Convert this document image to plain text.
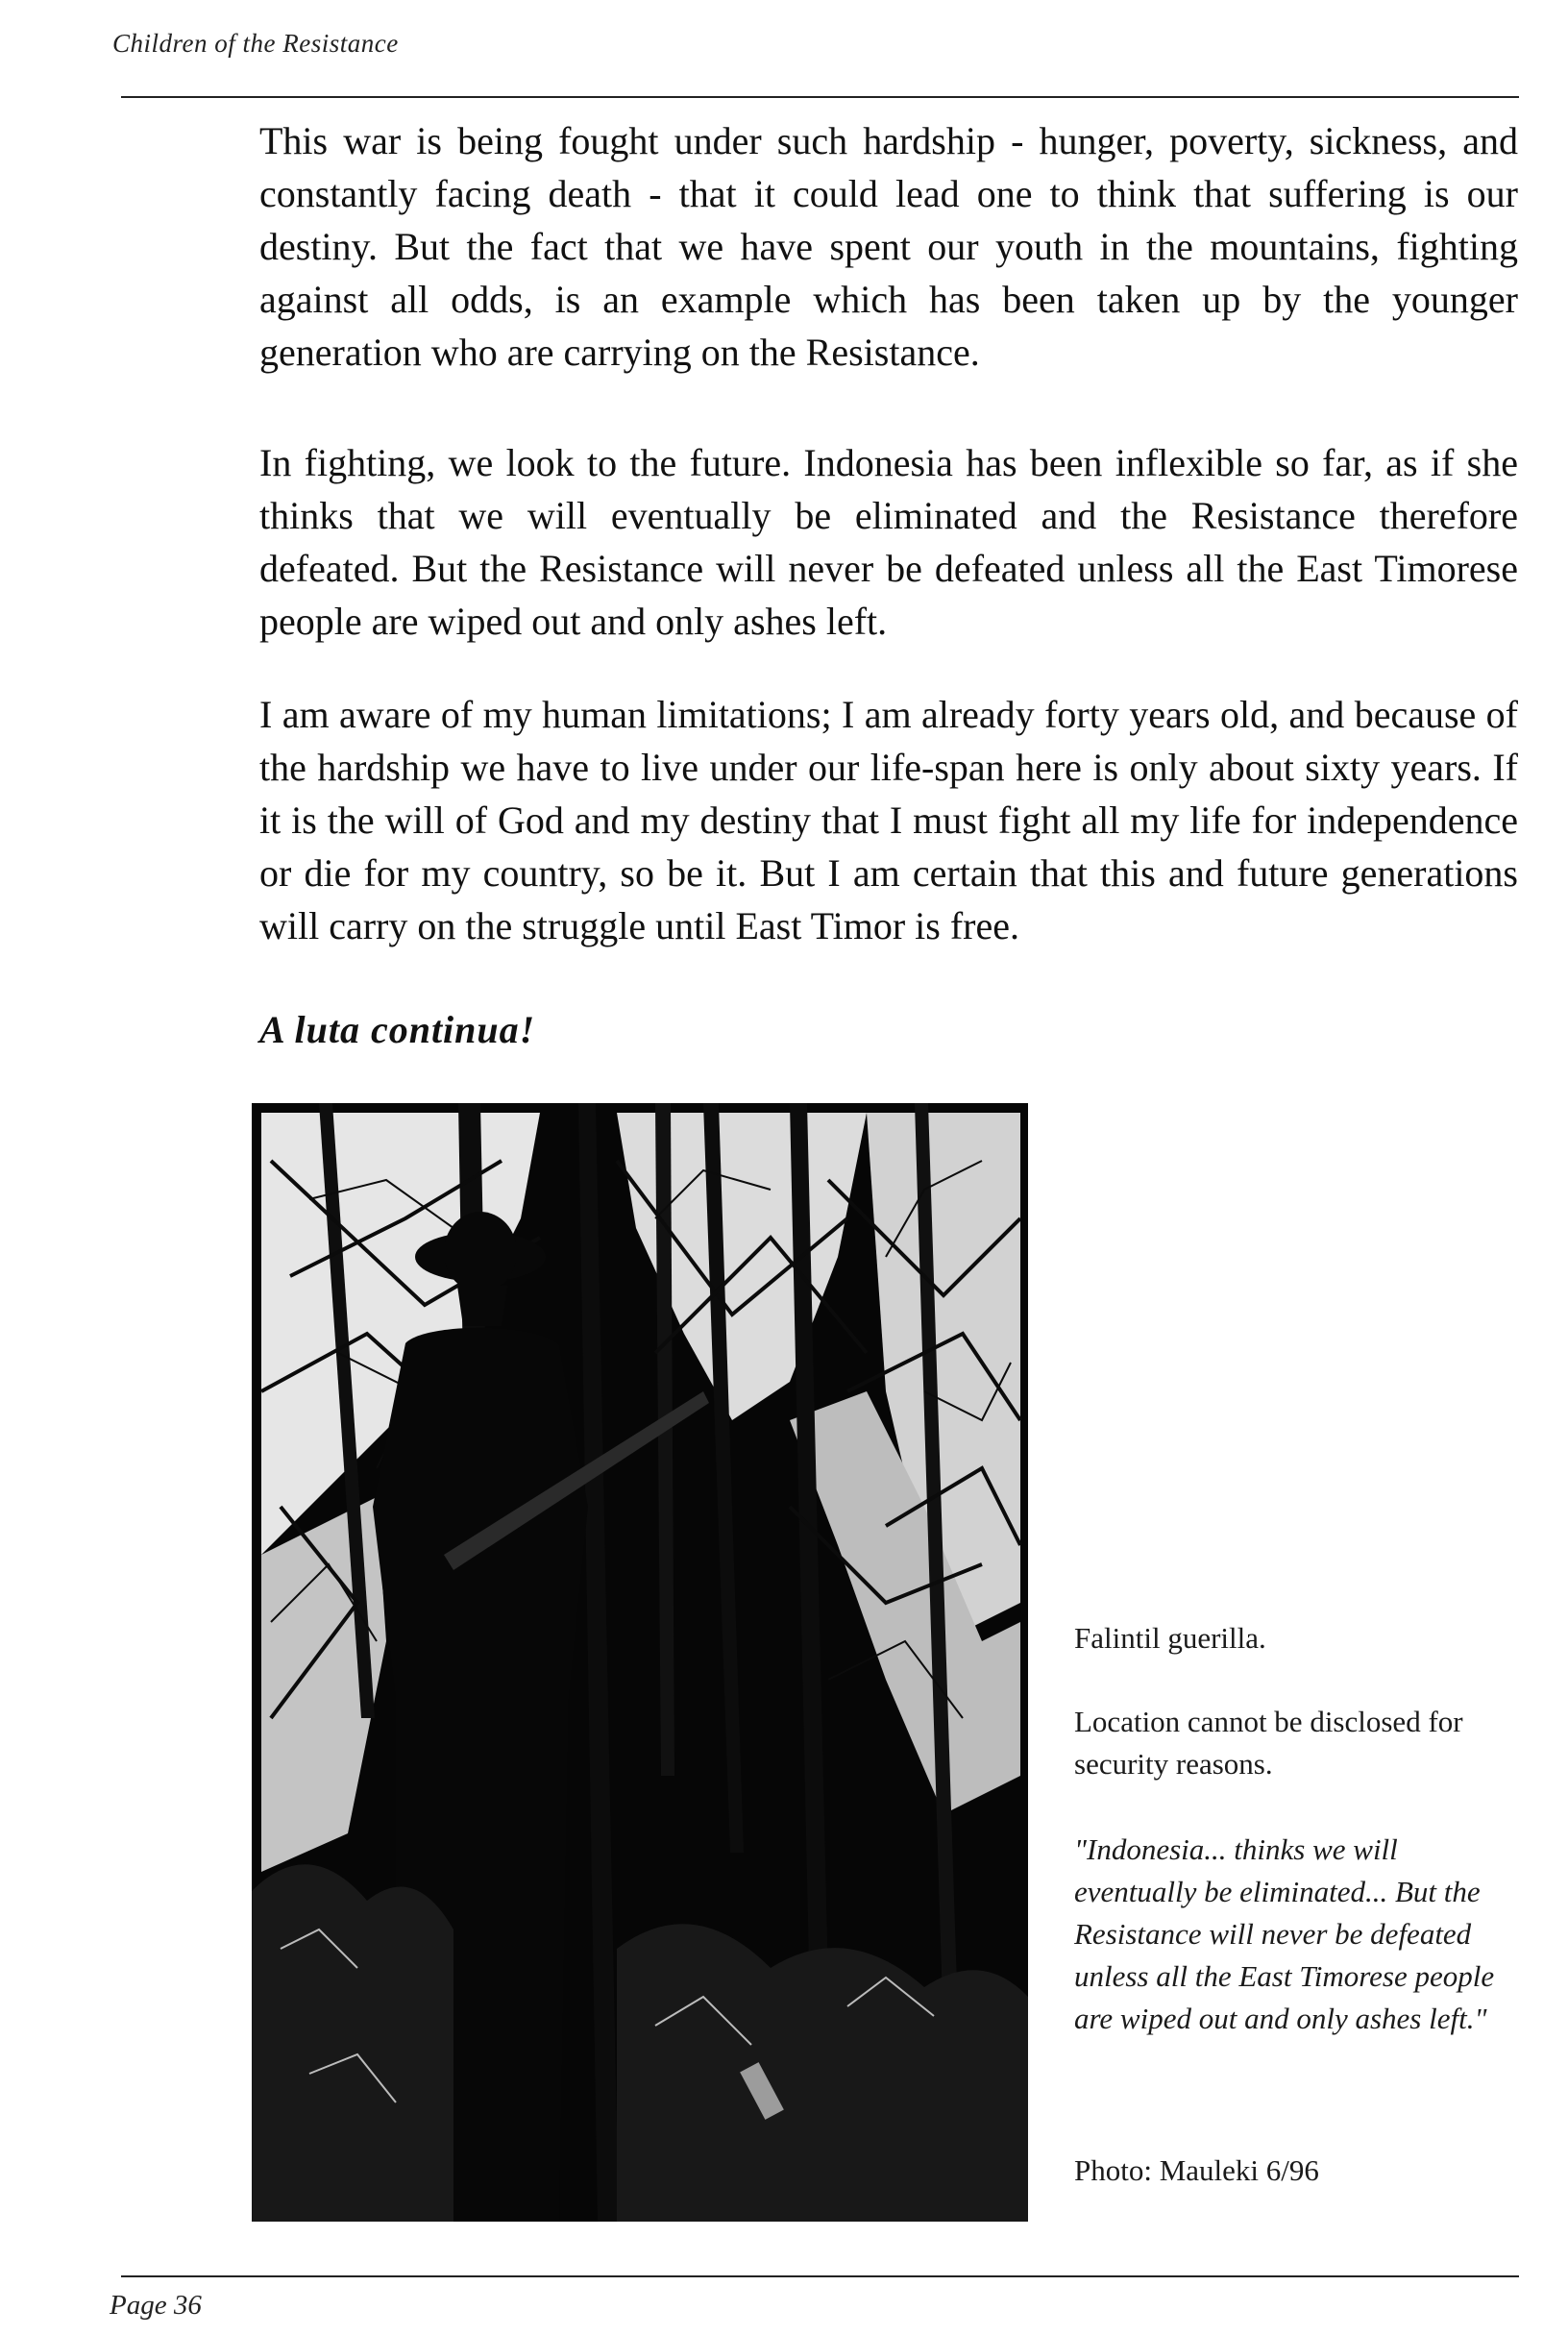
Children of the Resistance

This war is being fought under such hardship - hunger, poverty, sickness, and constantly facing death - that it could lead one to think that suffering is our destiny. But the fact that we have spent our youth in the mountains, fighting against all odds, is an example which has been taken up by the younger generation who are carrying on the Resistance.

In fighting, we look to the future. Indonesia has been inflexible so far, as if she thinks that we will eventually be eliminated and the Resistance therefore defeated. But the Resistance will never be defeated unless all the East Timorese people are wiped out and only ashes left.

I am aware of my human limitations; I am already forty years old, and because of the hardship we have to live under our life-span here is only about sixty years. If it is the will of God and my destiny that I must fight all my life for independence or die for my country, so be it. But I am certain that this and future generations will carry on the struggle until East Timor is free.

A luta continua!

Falintil guerilla.

Location cannot be disclosed for security reasons.

"Indonesia... thinks we will eventually be eliminated... But the Resistance will never be defeated unless all the East Timorese people are wiped out and only ashes left."

Photo: Mauleki 6/96

Page 36
